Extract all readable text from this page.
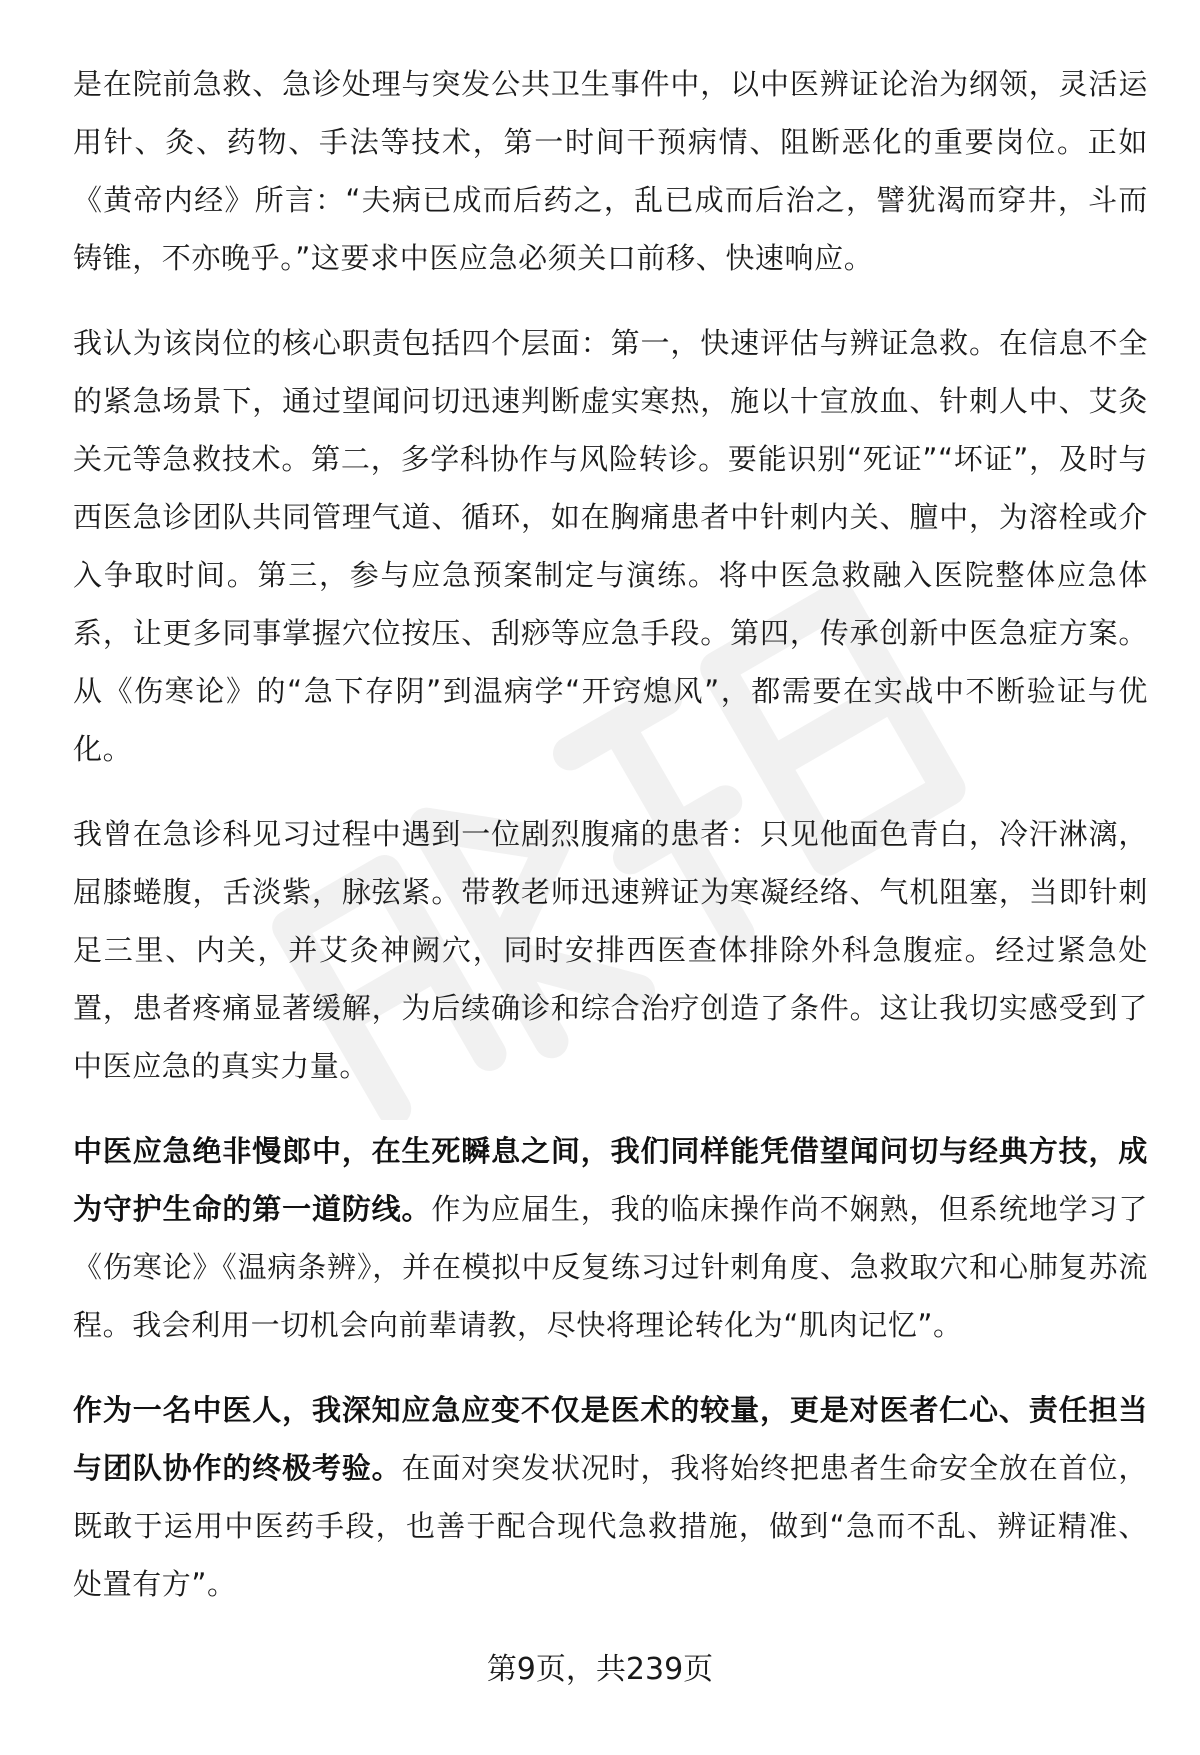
是在院前急救、急诊处理与突发公共卫生事件中，以中医辨证论治为纲领，灵活运用针、灸、药物、手法等技术，第一时间干预病情、阻断恶化的重要岗位。正如《黄帝内经》所言：“夫病已成而后药之，乱已成而后治之，譬犹渴而穿井，斗而铸锥，不亦晚乎。”这要求中医应急必须关口前移、快速响应。

我认为该岗位的核心职责包括四个层面：第一，快速评估与辨证急救。在信息不全的紧急场景下，通过望闻问切迅速判断虚实寒热，施以十宣放血、针刺人中、艾灸关元等急救技术。第二，多学科协作与风险转诊。要能识别“死证”“坏证”，及时与西医急诊团队共同管理气道、循环，如在胸痛患者中针刺内关、膻中，为溶栓或介入争取时间。第三，参与应急预案制定与演练。将中医急救融入医院整体应急体系，让更多同事掌握穴位按压、刮痧等应急手段。第四，传承创新中医急症方案。从《伤寒论》的“急下存阴”到温病学“开窍熄风”，都需要在实战中不断验证与优化。

我曾在急诊科见习过程中遇到一位剧烈腹痛的患者：只见他面色青白，冷汗淋漓，屈膝蜷腹，舌淡紫，脉弦紧。带教老师迅速辨证为寒凝经络、气机阻塞，当即针刺足三里、内关，并艾灸神阙穴，同时安排西医查体排除外科急腹症。经过紧急处置，患者疼痛显著缓解，为后续确诊和综合治疗创造了条件。这让我切实感受到了中医应急的真实力量。

中医应急绝非慢郎中，在生死瞬息之间，我们同样能凭借望闻问切与经典方技，成为守护生命的第一道防线。作为应届生，我的临床操作尚不娴熟，但系统地学习了《伤寒论》《温病条辨》，并在模拟中反复练习过针刺角度、急救取穴和心肺复苏流程。我会利用一切机会向前辈请教，尽快将理论转化为“肌肉记忆”。

作为一名中医人，我深知应急应变不仅是医术的较量，更是对医者仁心、责任担当与团队协作的终极考验。在面对突发状况时，我将始终把患者生命安全放在首位，既敢于运用中医药手段，也善于配合现代急救措施，做到“急而不乱、辨证精准、处置有方”。

第9页，共239页
